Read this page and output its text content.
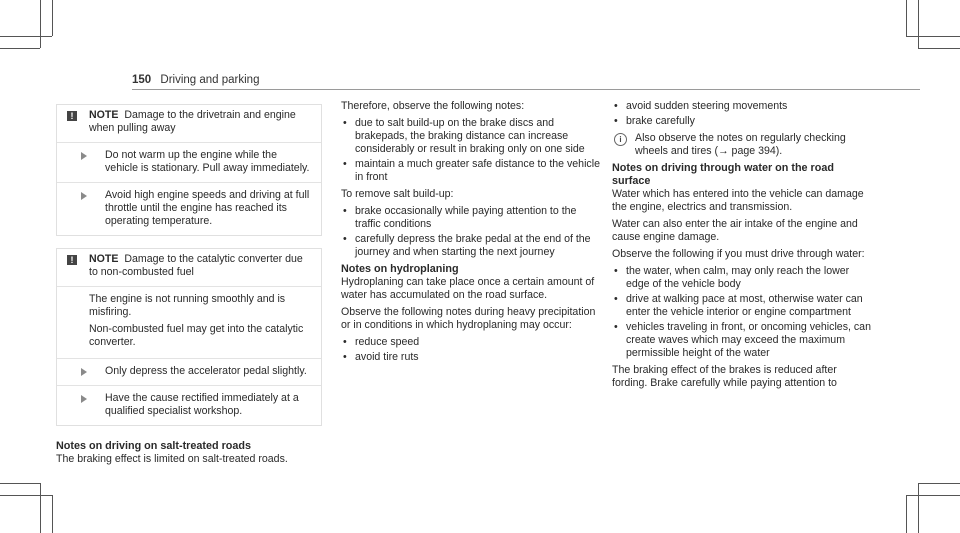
150 Driving and parking
!	NOTE Damage to the drivetrain and engine when pulling away
Do not warm up the engine while the vehicle is stationary. Pull away immediately.
Avoid high engine speeds and driving at full throttle until the engine has reached its operating temperature.
!	NOTE Damage to the catalytic converter due to non-combusted fuel

The engine is not running smoothly and is misfiring.

Non-combusted fuel may get into the catalytic converter.

Only depress the accelerator pedal slightly.
Have the cause rectified immediately at a qualified specialist workshop.
Notes on driving on salt-treated roads

The braking effect is limited on salt-treated roads.

Therefore, observe the following notes:

• due to salt build-up on the brake discs and brakepads, the braking distance can increase considerably or result in braking only on one side
• maintain a much greater safe distance to the vehicle in front

To remove salt build-up:

• brake occasionally while paying attention to the traffic conditions
• carefully depress the brake pedal at the end of the journey and when starting the next journey
Notes on hydroplaning

Hydroplaning can take place once a certain amount of water has accumulated on the road surface.

Observe the following notes during heavy precipitation or in conditions in which hydroplaning may occur:

• reduce speed
• avoid tire ruts
• avoid sudden steering movements
• brake carefully
i	Also observe the notes on regularly checking wheels and tires (→ page 394).
Notes on driving through water on the road surface

Water which has entered into the vehicle can damage the engine, electrics and transmission.

Water can also enter the air intake of the engine and cause engine damage.

Observe the following if you must drive through water:

• the water, when calm, may only reach the lower edge of the vehicle body
• drive at walking pace at most, otherwise water can enter the vehicle interior or engine compartment
• vehicles traveling in front, or oncoming vehicles, can create waves which may exceed the maximum permissible height of the water

The braking effect of the brakes is reduced after fording. Brake carefully while paying attention to
